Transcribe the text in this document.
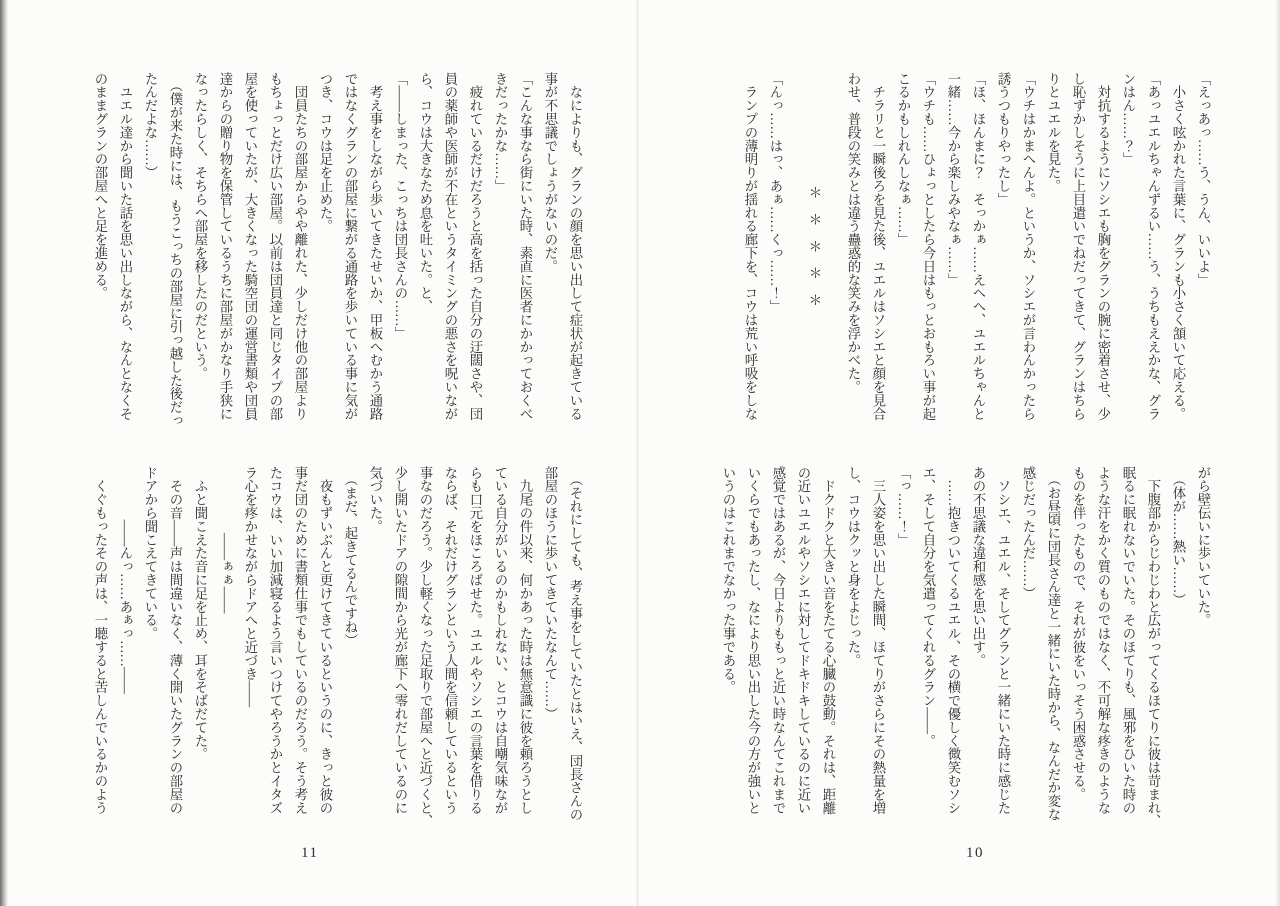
　なによりも、グランの顔を思い出して症状が起きている
事が不思議でしょうがないのだ。
「こんな事なら街にいた時、素直に医者にかかっておくべ
きだったかな……」
　疲れているだけだろうと高を括った自分の迂闊さや、団
員の薬師や医師が不在というタイミングの悪さを呪いなが
ら、コウは大きなため息を吐いた。と、
「――しまった、こっちは団長さんの……」
　考え事をしながら歩いてきたせいか、甲板へむかう通路
ではなくグランの部屋に繋がる通路を歩いている事に気が
つき、コウは足を止めた。
　団員たちの部屋からやや離れた、少しだけ他の部屋より
もちょっとだけ広い部屋。以前は団員達と同じタイプの部
屋を使っていたが、大きくなった騎空団の運営書類や団員
達からの贈り物を保管しているうちに部屋がかなり手狭に
なったらしく、そちらへ部屋を移したのだという。
　（僕が来た時には、もうこっちの部屋に引っ越した後だっ
たんだよな……）
　ユエル達から聞いた話を思い出しながら、なんとなくそ
のままグランの部屋へと足を進める。
　（それにしても、考え事をしていたとはいえ、団長さんの
部屋のほうに歩いてきていたなんて……）
　九尾の件以来、何かあった時は無意識に彼を頼ろうとし
ている自分がいるのかもしれない、とコウは自嘲気味なが
らも口元をほころばせた。ユエルやソシエの言葉を借りる
ならば、それだけグランという人間を信頼しているという
事なのだろう。少し軽くなった足取りで部屋へと近づくと、
少し開いたドアの隙間から光が廊下へ零れだしているのに
気づいた。
　（まだ、起きてるんですね）
　夜もずいぶんと更けてきているというのに、きっと彼の
事だ団のために書類仕事でもしているのだろう。そう考え
たコウは、いい加減寝るよう言いつけてやろうかとイタズ
ラ心を疼かせながらドアへと近づき――
　　　　　――ぁぁ――
　ふと聞こえた音に足を止め、耳をそばだてた。
　その音――声は間違いなく、薄く開いたグランの部屋の
ドアから聞こえてきている。
　　　　――んっ……あぁっ……――
　くぐもったその声は、一聴すると苦しんでいるかのよう
11
「えっあっ……う、うん、いいよ」
　小さく呟かれた言葉に、グランも小さく頷いて応える。
「あっユエルちゃんずるい……う、うちもええかな、グラ
ンはん……？」
　対抗するようにソシエも胸をグランの腕に密着させ、少
し恥ずかしそうに上目遣いでねだってきて、グランはちら
りとユエルを見た。
「ウチはかまへんよ。というか、ソシエが言わんかったら
誘うつもりやったし」
「ほ、ほんまに？　そっかぁ……えへへ、ユエルちゃんと
一緒……今から楽しみやなぁ……」
「ウチも……ひょっとしたら今日はもっとおもろい事が起
こるかもしれんしなぁ……」
　チラリと一瞬後ろを見た後、ユエルはソシエと顔を見合
わせ、普段の笑みとは違う蠱惑的な笑みを浮かべた。
＊　＊　＊　＊　＊
「んっ……はっ、あぁ……くっ……！」
　ランプの薄明りが揺れる廊下を、コウは荒い呼吸をしな
がら壁伝いに歩いていた。
　（体が……熱い……）
　下腹部からじわじわと広がってくるほてりに彼は苛まれ、
眠るに眠れないでいた。そのほてりも、風邪をひいた時の
ような汗をかく質のものではなく、不可解な疼きのような
ものを伴ったもので、それが彼をいっそう困惑させる。
　（お昼頃に団長さん達と一緒にいた時から、なんだか変な
感じだったんだ……）
　ソシエ、ユエル、そしてグランと一緒にいた時に感じた
あの不思議な違和感を思い出す。
　……抱きついてくるユエル、その横で優しく微笑むソシ
エ、そして自分を気遣ってくれるグラン――。
「っ……！」
　三人姿を思い出した瞬間、ほてりがさらにその熱量を増
し、コウはクッと身をよじった。
　ドクドクと大きい音をたてる心臓の鼓動。それは、距離
の近いユエルやソシエに対してドキドキしているのに近い
感覚ではあるが、今日よりももっと近い時なんてこれまで
いくらでもあったし、なにより思い出した今の方が強いと
いうのはこれまでなかった事である。
10
